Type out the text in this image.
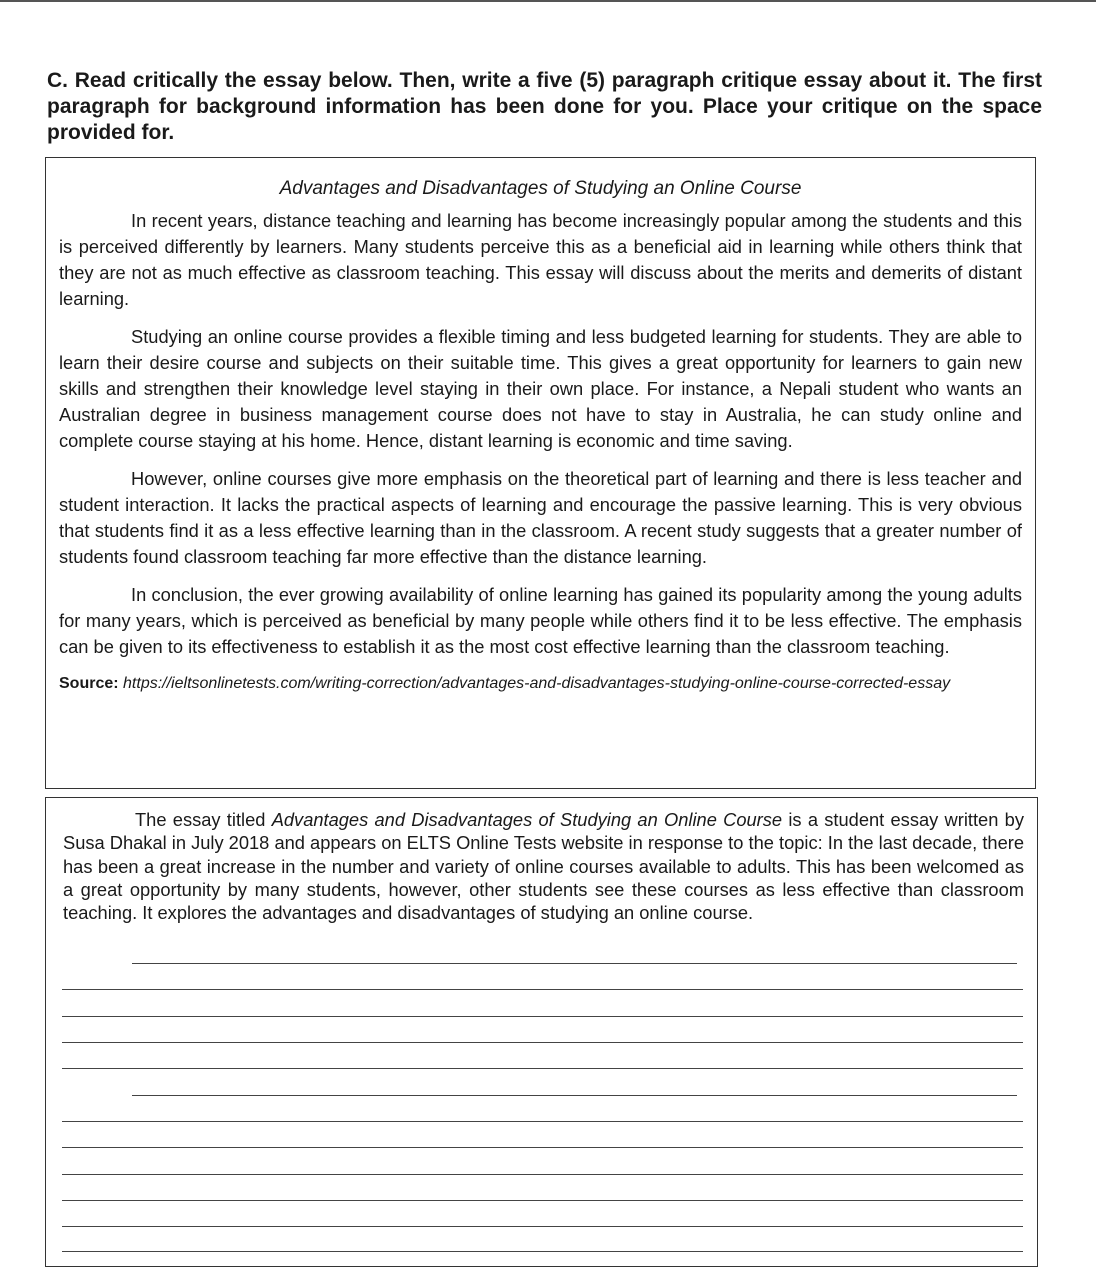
C. Read critically the essay below. Then, write a five (5) paragraph critique essay about it. The first paragraph for background information has been done for you. Place your critique on the space provided for.

Advantages and Disadvantages of Studying an Online Course

In recent years, distance teaching and learning has become increasingly popular among the students and this is perceived differently by learners. Many students perceive this as a beneficial aid in learning while others think that they are not as much effective as classroom teaching. This essay will discuss about the merits and demerits of distant learning.

Studying an online course provides a flexible timing and less budgeted learning for students. They are able to learn their desire course and subjects on their suitable time. This gives a great opportunity for learners to gain new skills and strengthen their knowledge level staying in their own place. For instance, a Nepali student who wants an Australian degree in business management course does not have to stay in Australia, he can study online and complete course staying at his home. Hence, distant learning is economic and time saving.

However, online courses give more emphasis on the theoretical part of learning and there is less teacher and student interaction. It lacks the practical aspects of learning and encourage the passive learning. This is very obvious that students find it as a less effective learning than in the classroom. A recent study suggests that a greater number of students found classroom teaching far more effective than the distance learning.

In conclusion, the ever growing availability of online learning has gained its popularity among the young adults for many years, which is perceived as beneficial by many people while others find it to be less effective. The emphasis can be given to its effectiveness to establish it as the most cost effective learning than the classroom teaching.

Source: https://ieltsonlinetests.com/writing-correction/advantages-and-disadvantages-studying-online-course-corrected-essay

The essay titled Advantages and Disadvantages of Studying an Online Course is a student essay written by Susa Dhakal in July 2018 and appears on ELTS Online Tests website in response to the topic: In the last decade, there has been a great increase in the number and variety of online courses available to adults. This has been welcomed as a great opportunity by many students, however, other students see these courses as less effective than classroom teaching. It explores the advantages and disadvantages of studying an online course.
